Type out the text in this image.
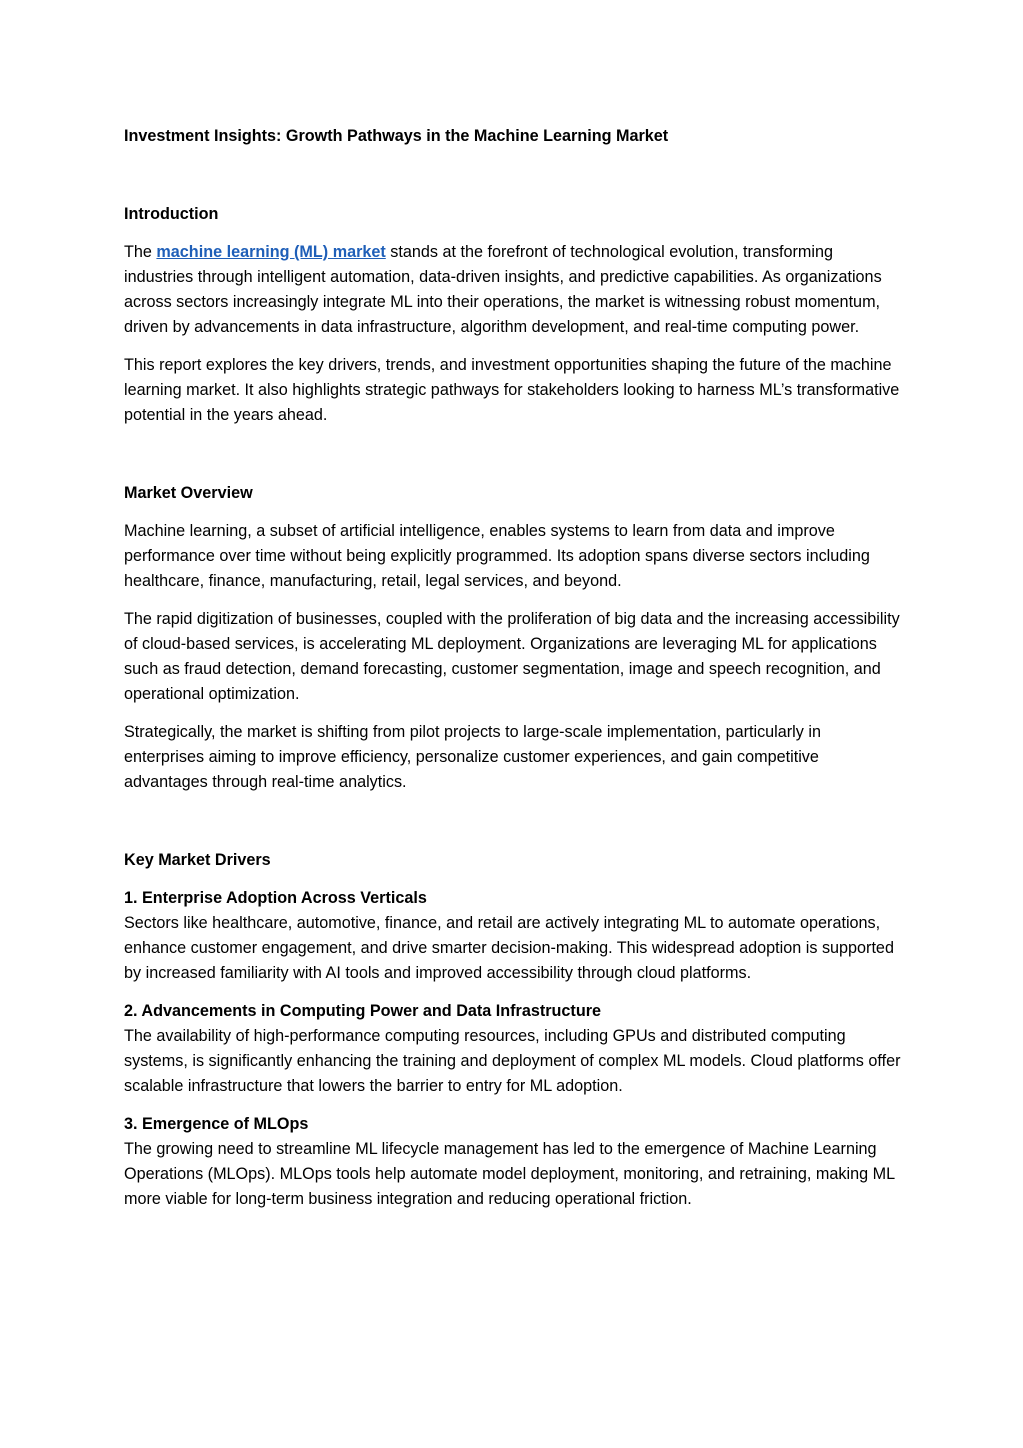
Investment Insights: Growth Pathways in the Machine Learning Market
Introduction

The machine learning (ML) market stands at the forefront of technological evolution, transforming industries through intelligent automation, data-driven insights, and predictive capabilities. As organizations across sectors increasingly integrate ML into their operations, the market is witnessing robust momentum, driven by advancements in data infrastructure, algorithm development, and real-time computing power.

This report explores the key drivers, trends, and investment opportunities shaping the future of the machine learning market. It also highlights strategic pathways for stakeholders looking to harness ML’s transformative potential in the years ahead.

Market Overview

Machine learning, a subset of artificial intelligence, enables systems to learn from data and improve performance over time without being explicitly programmed. Its adoption spans diverse sectors including healthcare, finance, manufacturing, retail, legal services, and beyond.

The rapid digitization of businesses, coupled with the proliferation of big data and the increasing accessibility of cloud-based services, is accelerating ML deployment. Organizations are leveraging ML for applications such as fraud detection, demand forecasting, customer segmentation, image and speech recognition, and operational optimization.

Strategically, the market is shifting from pilot projects to large-scale implementation, particularly in enterprises aiming to improve efficiency, personalize customer experiences, and gain competitive advantages through real-time analytics.

Key Market Drivers
1. Enterprise Adoption Across Verticals
Sectors like healthcare, automotive, finance, and retail are actively integrating ML to automate operations, enhance customer engagement, and drive smarter decision-making. This widespread adoption is supported by increased familiarity with AI tools and improved accessibility through cloud platforms.
2. Advancements in Computing Power and Data Infrastructure
The availability of high-performance computing resources, including GPUs and distributed computing systems, is significantly enhancing the training and deployment of complex ML models. Cloud platforms offer scalable infrastructure that lowers the barrier to entry for ML adoption.
3. Emergence of MLOps
The growing need to streamline ML lifecycle management has led to the emergence of Machine Learning Operations (MLOps). MLOps tools help automate model deployment, monitoring, and retraining, making ML more viable for long-term business integration and reducing operational friction.
